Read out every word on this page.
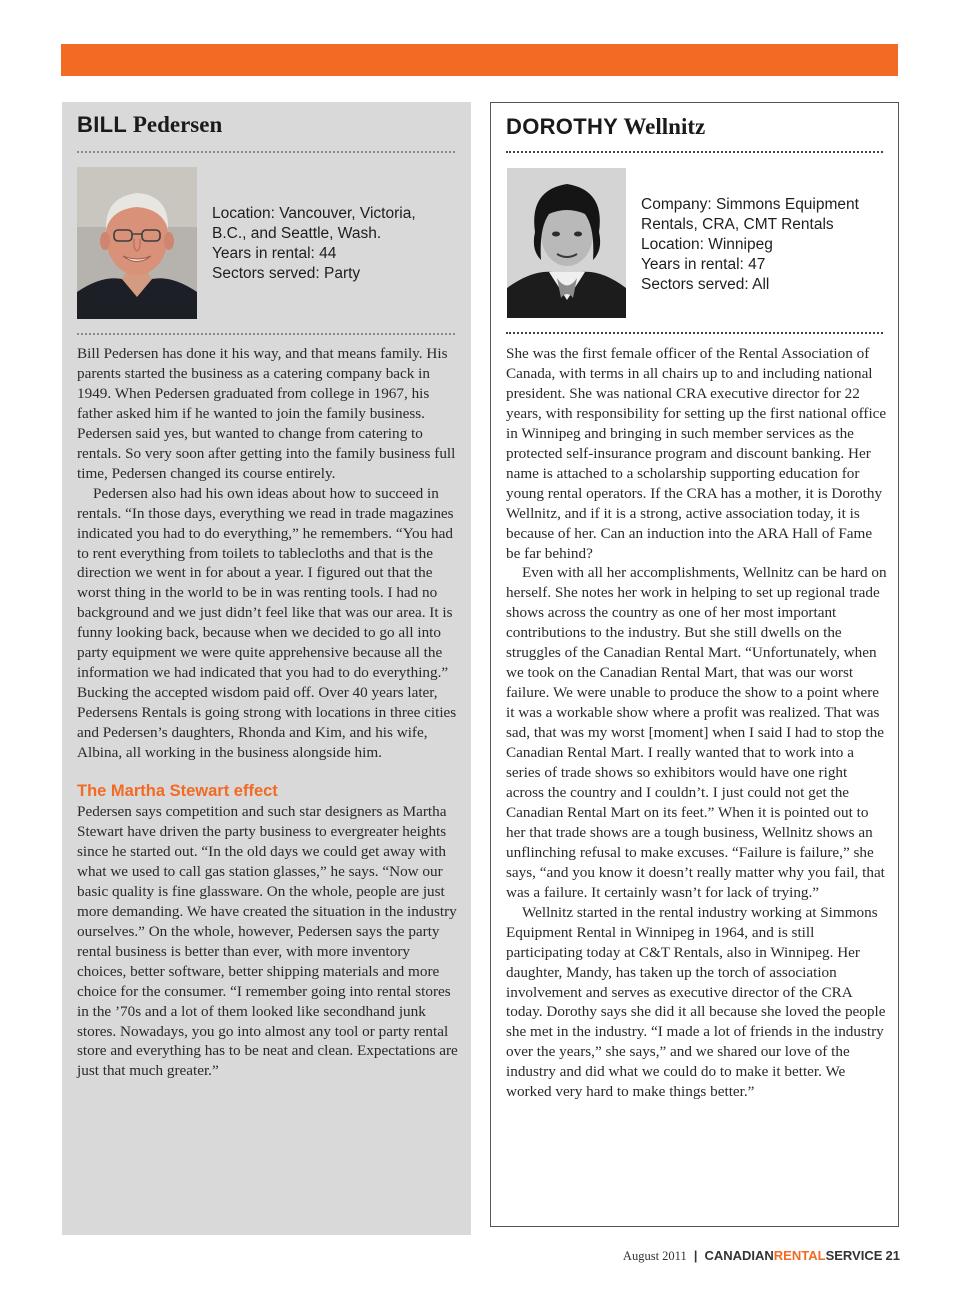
BILL Pedersen
Location: Vancouver, Victoria,
B.C., and Seattle, Wash.
Years in rental: 44
Sectors served: Party

Bill Pedersen has done it his way, and that means family. His parents started the business as a catering company back in 1949. When Pedersen graduated from college in 1967, his father asked him if he wanted to join the family business. Pedersen said yes, but wanted to change from catering to rentals. So very soon after getting into the family business full time, Pedersen changed its course entirely.

Pedersen also had his own ideas about how to succeed in rentals. “In those days, everything we read in trade magazines indicated you had to do everything,” he remembers. “You had to rent everything from toilets to tablecloths and that is the direction we went in for about a year. I figured out that the worst thing in the world to be in was renting tools. I had no background and we just didn’t feel like that was our area. It is funny looking back, because when we decided to go all into party equipment we were quite apprehensive because all the information we had indicated that you had to do everything.” Bucking the accepted wisdom paid off. Over 40 years later, Pedersens Rentals is going strong with locations in three cities and Pedersen’s daughters, Rhonda and Kim, and his wife, Albina, all working in the business alongside him.

The Martha Stewart effect

Pedersen says competition and such star designers as Martha Stewart have driven the party business to evergreater heights since he started out. “In the old days we could get away with what we used to call gas station glasses,” he says. “Now our basic quality is fine glassware. On the whole, people are just more demanding. We have created the situation in the industry ourselves.” On the whole, however, Pedersen says the party rental business is better than ever, with more inventory choices, better software, better shipping materials and more choice for the consumer. “I remember going into rental stores in the ’70s and a lot of them looked like secondhand junk stores. Nowadays, you go into almost any tool or party rental store and everything has to be neat and clean. Expectations are just that much greater.”

DOROTHY Wellnitz
Company: Simmons Equipment
Rentals, CRA, CMT Rentals
Location: Winnipeg
Years in rental: 47
Sectors served: All

She was the first female officer of the Rental Association of Canada, with terms in all chairs up to and including national president. She was national CRA executive director for 22 years, with responsibility for setting up the first national office in Winnipeg and bringing in such member services as the protected self-insurance program and discount banking. Her name is attached to a scholarship supporting education for young rental operators. If the CRA has a mother, it is Dorothy Wellnitz, and if it is a strong, active association today, it is because of her. Can an induction into the ARA Hall of Fame be far behind?

Even with all her accomplishments, Wellnitz can be hard on herself. She notes her work in helping to set up regional trade shows across the country as one of her most important contributions to the industry. But she still dwells on the struggles of the Canadian Rental Mart. “Unfortunately, when we took on the Canadian Rental Mart, that was our worst failure. We were unable to produce the show to a point where it was a workable show where a profit was realized. That was sad, that was my worst [moment] when I said I had to stop the Canadian Rental Mart. I really wanted that to work into a series of trade shows so exhibitors would have one right across the country and I couldn’t. I just could not get the Canadian Rental Mart on its feet.” When it is pointed out to her that trade shows are a tough business, Wellnitz shows an unflinching refusal to make excuses. “Failure is failure,” she says, “and you know it doesn’t really matter why you fail, that was a failure. It certainly wasn’t for lack of trying.”

Wellnitz started in the rental industry working at Simmons Equipment Rental in Winnipeg in 1964, and is still participating today at C&T Rentals, also in Winnipeg. Her daughter, Mandy, has taken up the torch of association involvement and serves as executive director of the CRA today. Dorothy says she did it all because she loved the people she met in the industry. “I made a lot of friends in the industry over the years,” she says,” and we shared our love of the industry and did what we could do to make it better. We worked very hard to make things better.”

August 2011 | CANADIANRENTALSERVICE 21
